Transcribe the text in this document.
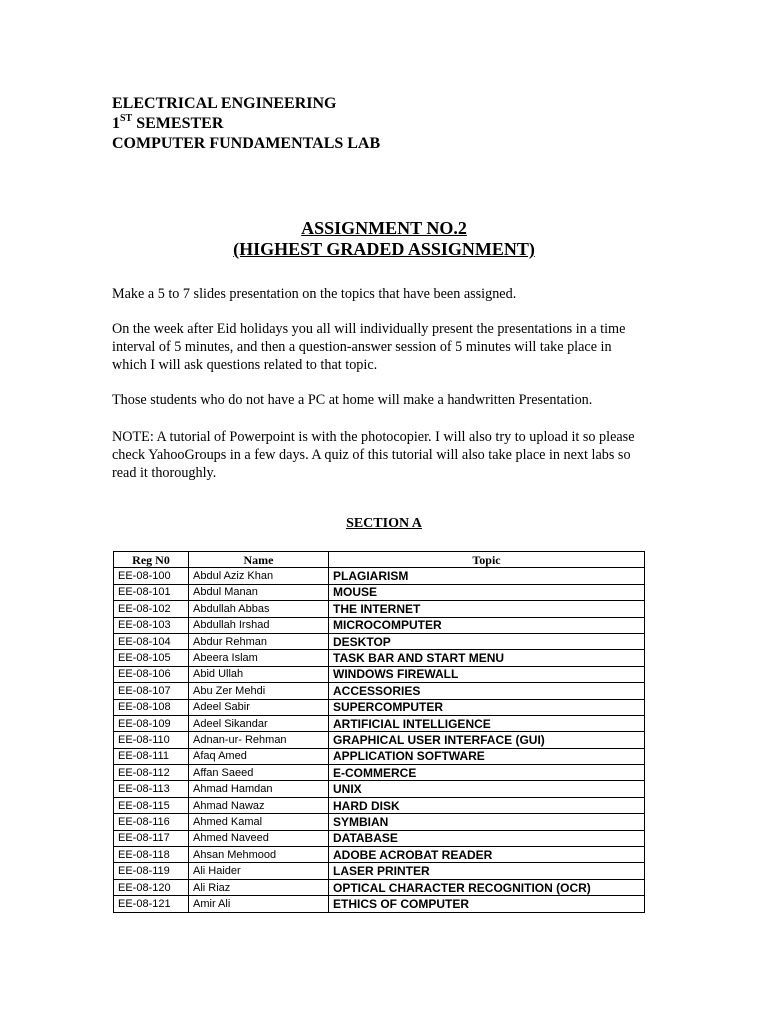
ELECTRICAL ENGINEERING
1ST SEMESTER
COMPUTER FUNDAMENTALS LAB
ASSIGNMENT NO.2
(HIGHEST GRADED ASSIGNMENT)
Make a 5 to 7 slides presentation on the topics that have been assigned.
On the week after Eid holidays you all will individually present the presentations in a time interval of 5 minutes, and then a question-answer session of 5 minutes will take place in which I will ask questions related to that topic.
Those students who do not have a PC at home will make a handwritten Presentation.
NOTE: A tutorial of Powerpoint is with the photocopier. I will also try to upload it so please check YahooGroups in a few days. A quiz of this tutorial will also take place in next labs so read it thoroughly.
SECTION A
Reg N0	Name	Topic
EE-08-100	Abdul Aziz Khan	PLAGIARISM
EE-08-101	Abdul Manan	MOUSE
EE-08-102	Abdullah Abbas	THE INTERNET
EE-08-103	Abdullah Irshad	MICROCOMPUTER
EE-08-104	Abdur Rehman	DESKTOP
EE-08-105	Abeera Islam	TASK BAR AND START MENU
EE-08-106	Abid Ullah	WINDOWS FIREWALL
EE-08-107	Abu Zer Mehdi	ACCESSORIES
EE-08-108	Adeel Sabir	SUPERCOMPUTER
EE-08-109	Adeel Sikandar	ARTIFICIAL INTELLIGENCE
EE-08-110	Adnan-ur- Rehman	GRAPHICAL USER INTERFACE (GUI)
EE-08-111	Afaq Amed	APPLICATION SOFTWARE
EE-08-112	Affan Saeed	E-COMMERCE
EE-08-113	Ahmad Hamdan	UNIX
EE-08-115	Ahmad Nawaz	HARD DISK
EE-08-116	Ahmed Kamal	SYMBIAN
EE-08-117	Ahmed Naveed	DATABASE
EE-08-118	Ahsan Mehmood	ADOBE ACROBAT READER
EE-08-119	Ali Haider	LASER PRINTER
EE-08-120	Ali Riaz	OPTICAL CHARACTER RECOGNITION (OCR)
EE-08-121	Amir Ali	ETHICS OF COMPUTER
